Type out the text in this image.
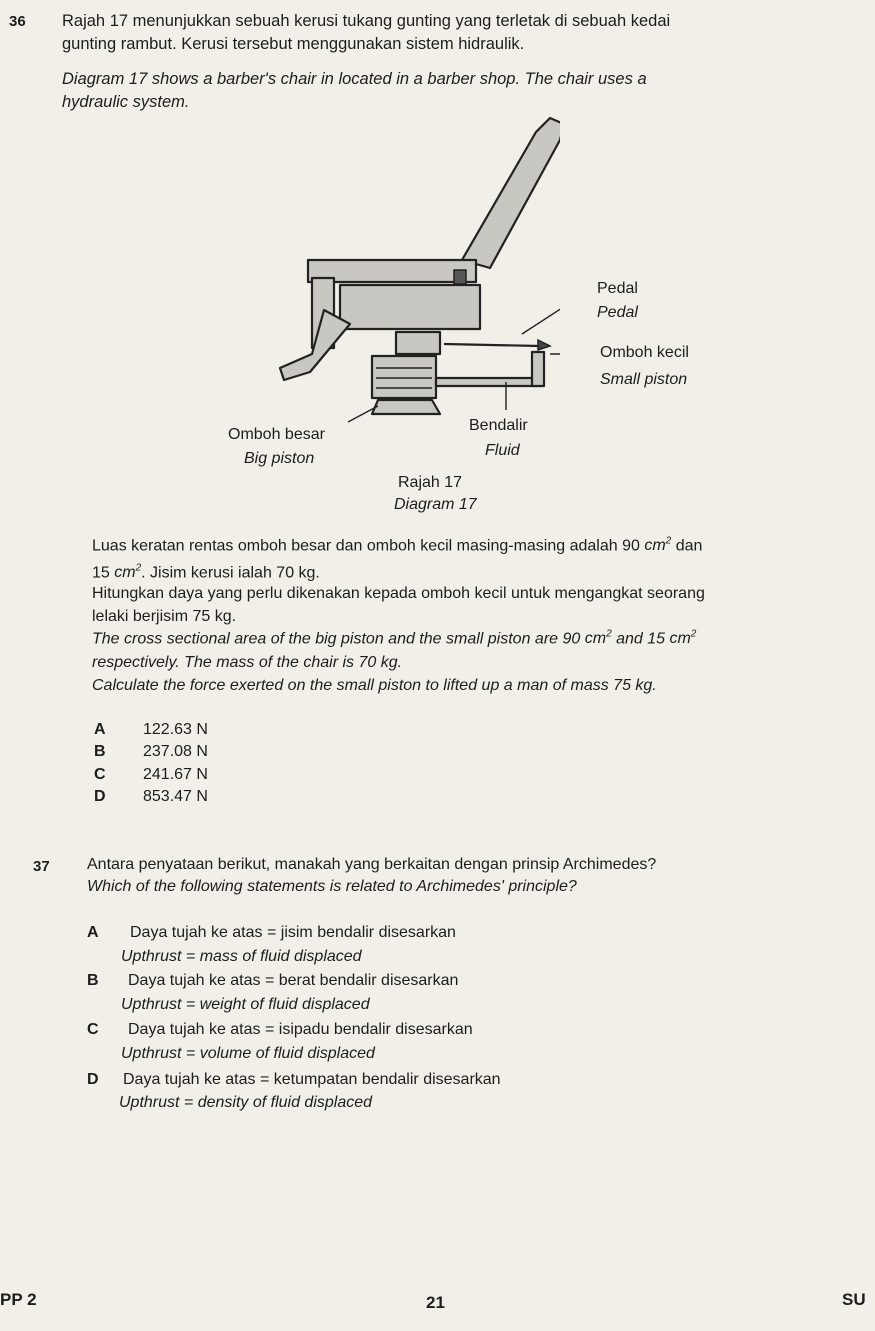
36 Rajah 17 menunjukkan sebuah kerusi tukang gunting yang terletak di sebuah kedai
gunting rambut. Kerusi tersebut menggunakan sistem hidraulik.
Diagram 17 shows a barber's chair in located in a barber shop. The chair uses a
hydraulic system.
Pedal
Pedal
Omboh kecil
Small piston
Omboh besar
Big piston
Bendalir
Fluid
Rajah 17
Diagram 17
Luas keratan rentas omboh besar dan omboh kecil masing-masing adalah 90 $cm^2$ dan
15 $cm^2$. Jisim kerusi ialah 70 kg.
Hitungkan daya yang perlu dikenakan kepada omboh kecil untuk mengangkat seorang
lelaki berjisim 75 kg.
The cross sectional area of the big piston and the small piston are 90 $cm^2$ and 15 $cm^2$
respectively. The mass of the chair is 70 kg.
Calculate the force exerted on the small piston to lifted up a man of mass 75 kg.
A 122.63 N
B 237.08 N
C 241.67 N
D 853.47 N
37 Antara penyataan berikut, manakah yang berkaitan dengan prinsip Archimedes?
Which of the following statements is related to Archimedes' principle?
A Daya tujah ke atas = jisim bendalir disesarkan
Upthrust = mass of fluid displaced
B Daya tujah ke atas = berat bendalir disesarkan
Upthrust = weight of fluid displaced
C Daya tujah ke atas = isipadu bendalir disesarkan
Upthrust = volume of fluid displaced
D Daya tujah ke atas = ketumpatan bendalir disesarkan
Upthrust = density of fluid displaced
PP 2	21	SU
